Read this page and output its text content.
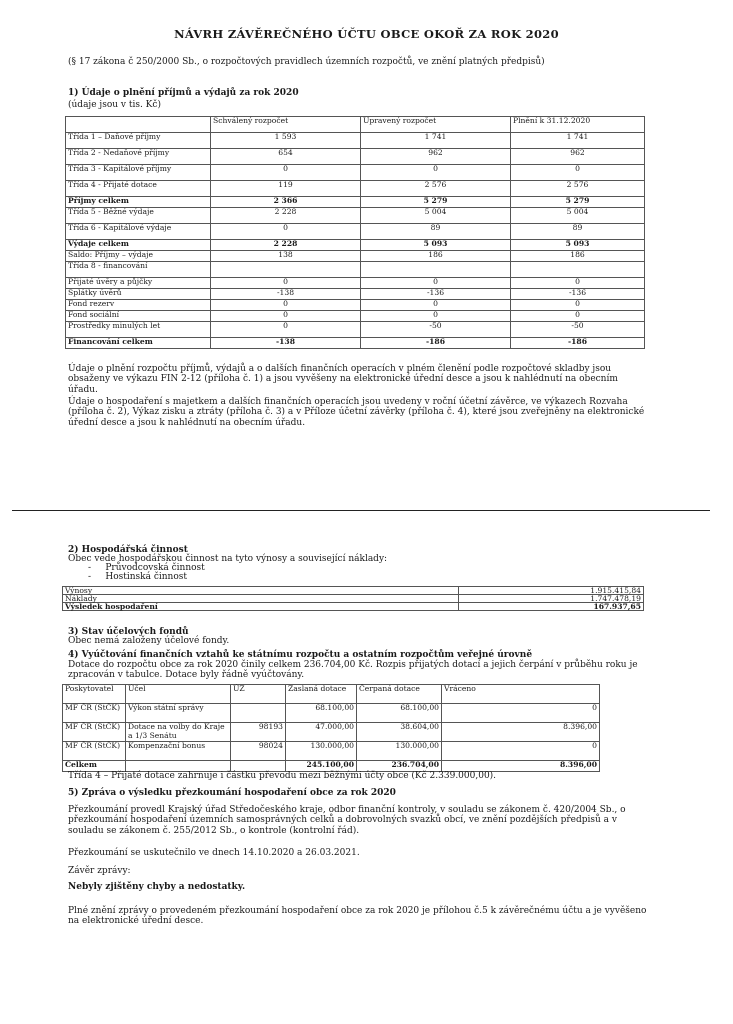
NÁVRH ZÁVĚREČNÉHO ÚČTU OBCE OKOŘ ZA ROK 2020
(§ 17 zákona č 250/2000 Sb., o rozpočtových pravidlech územních rozpočtů, ve znění platných předpisů)
1) Údaje o plnění příjmů a výdajů za rok 2020
(údaje jsou v tis. Kč)
	Schválený rozpočet	Upravený rozpočet	Plnění k 31.12.2020
Třída 1 – Daňové příjmy	1 593	1 741	1 741
Třída 2 - Nedaňové příjmy	654	962	962
Třída 3 - Kapitálové příjmy	0	0	0
Třída 4 - Přijaté dotace	119	2 576	2 576
Příjmy celkem	2 366	5 279	5 279
Třída 5 - Běžné výdaje	2 228	5 004	5 004
Třída 6 - Kapitálové výdaje	0	89	89
Výdaje celkem	2 228	5 093	5 093
Saldo: Příjmy – výdaje	138	186	186
Třída 8 - financování			
Přijaté úvěry a půjčky	0	0	0
Splátky úvěrů	-138	-136	-136
Fond rezerv	0	0	0
Fond sociální	0	0	0
Prostředky minulých let	0	-50	-50
Financování celkem	-138	-186	-186
Údaje o plnění rozpočtu příjmů, výdajů a o dalších finančních operacích v plném členění podle rozpočtové skladby jsou obsaženy ve výkazu FIN 2-12 (příloha č. 1) a jsou vyvěšeny na elektronické úřední desce a jsou k nahlédnutí na obecním úřadu.
Údaje o hospodaření s majetkem a dalších finančních operacích jsou uvedeny v roční účetní závěrce, ve výkazech Rozvaha (příloha č. 2), Výkaz zisku a ztráty (příloha č. 3) a v Příloze účetní závěrky (příloha č. 4), které jsou zveřejněny na elektronické úřední desce a jsou k nahlédnutí na obecním úřadu.
2) Hospodářská činnost
Obec vede hospodářskou činnost na tyto výnosy a související náklady:
-     Průvodcovská činnost
-     Hostinská činnost
Výnosy	1.915.415,84
Náklady	1.747.478,19
Výsledek hospodaření	167.937,65
3) Stav účelových fondů
Obec nemá založeny účelové fondy.
4) Vyúčtování finančních vztahů ke státnímu rozpočtu a ostatním rozpočtům veřejné úrovně
Dotace do rozpočtu obce za rok 2020 činily celkem 236.704,00 Kč. Rozpis přijatých dotací a jejich čerpání v průběhu roku je zpracován v tabulce. Dotace byly řádně vyúčtovány.
Poskytovatel	Účel	ÚZ	Zaslaná dotace	Čerpaná dotace	Vráceno
MF ČR (StČK)	Výkon státní správy		68.100,00	68.100,00	0
MF ČR (StČK)	Dotace na volby do Kraje a 1/3 Senátu	98193	47.000,00	38.604,00	8.396,00
MF ČR (StČK)	Kompenzační bonus	98024	130.000,00	130.000,00	0
Celkem			245.100,00	236.704,00	8.396,00
Třída 4 – Přijaté dotace zahrnuje i částku převodu mezi běžnými účty obce (Kč 2.339.000,00).
5) Zpráva o výsledku přezkoumání hospodaření obce za rok 2020
Přezkoumání provedl Krajský úřad Středočeského kraje, odbor finanční kontroly, v souladu se zákonem č. 420/2004 Sb., o přezkoumání hospodaření územních samosprávných celků a dobrovolných svazků obcí, ve znění pozdějších předpisů a v souladu se zákonem č. 255/2012 Sb., o kontrole (kontrolní řád).
Přezkoumání se uskutečnilo ve dnech 14.10.2020 a 26.03.2021.
Závěr zprávy:
Nebyly zjištěny chyby a nedostatky.
Plné znění zprávy o provedeném přezkoumání hospodaření obce za rok 2020 je přílohou č.5 k závěrečnému účtu a je vyvěšeno na elektronické úřední desce.
